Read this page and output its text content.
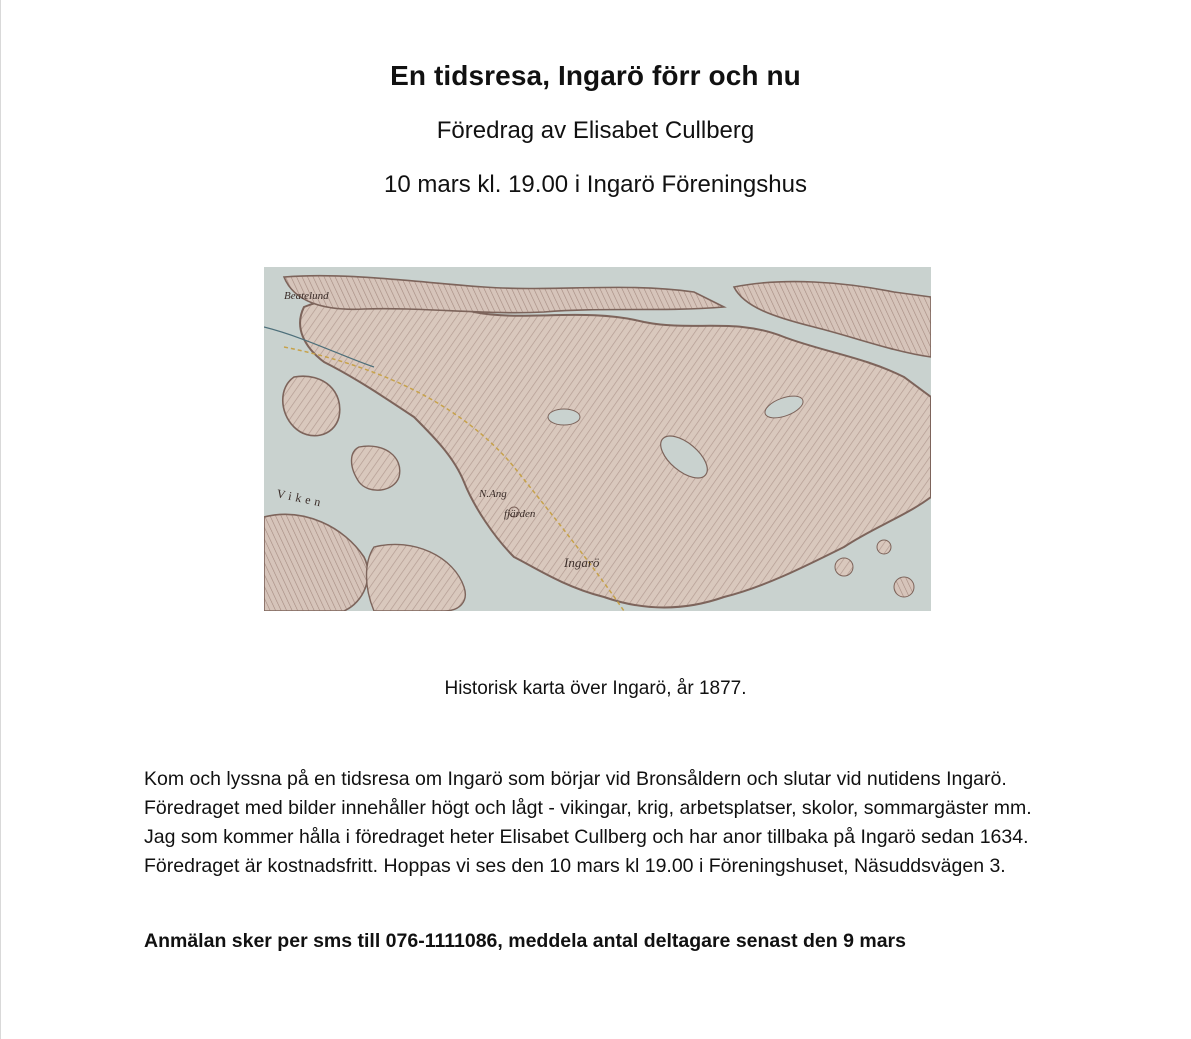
En tidsresa, Ingarö förr och nu
Föredrag av Elisabet Cullberg
10 mars kl. 19.00 i Ingarö Föreningshus
Beatelund
Viken
Ingarö
N.Ang
fjärden
Historisk karta över Ingarö, år 1877.
Kom och lyssna på en tidsresa om Ingarö som börjar vid Bronsåldern och slutar vid nutidens Ingarö. Föredraget med bilder innehåller högt och lågt - vikingar, krig, arbetsplatser, skolor, sommargäster mm. Jag som kommer hålla i föredraget heter Elisabet Cullberg och har anor tillbaka på Ingarö sedan 1634. Föredraget är kostnadsfritt. Hoppas vi ses den 10 mars kl 19.00 i Föreningshuset, Näsuddsvägen 3.
Anmälan sker per sms till 076-1111086, meddela antal deltagare senast den 9 mars
